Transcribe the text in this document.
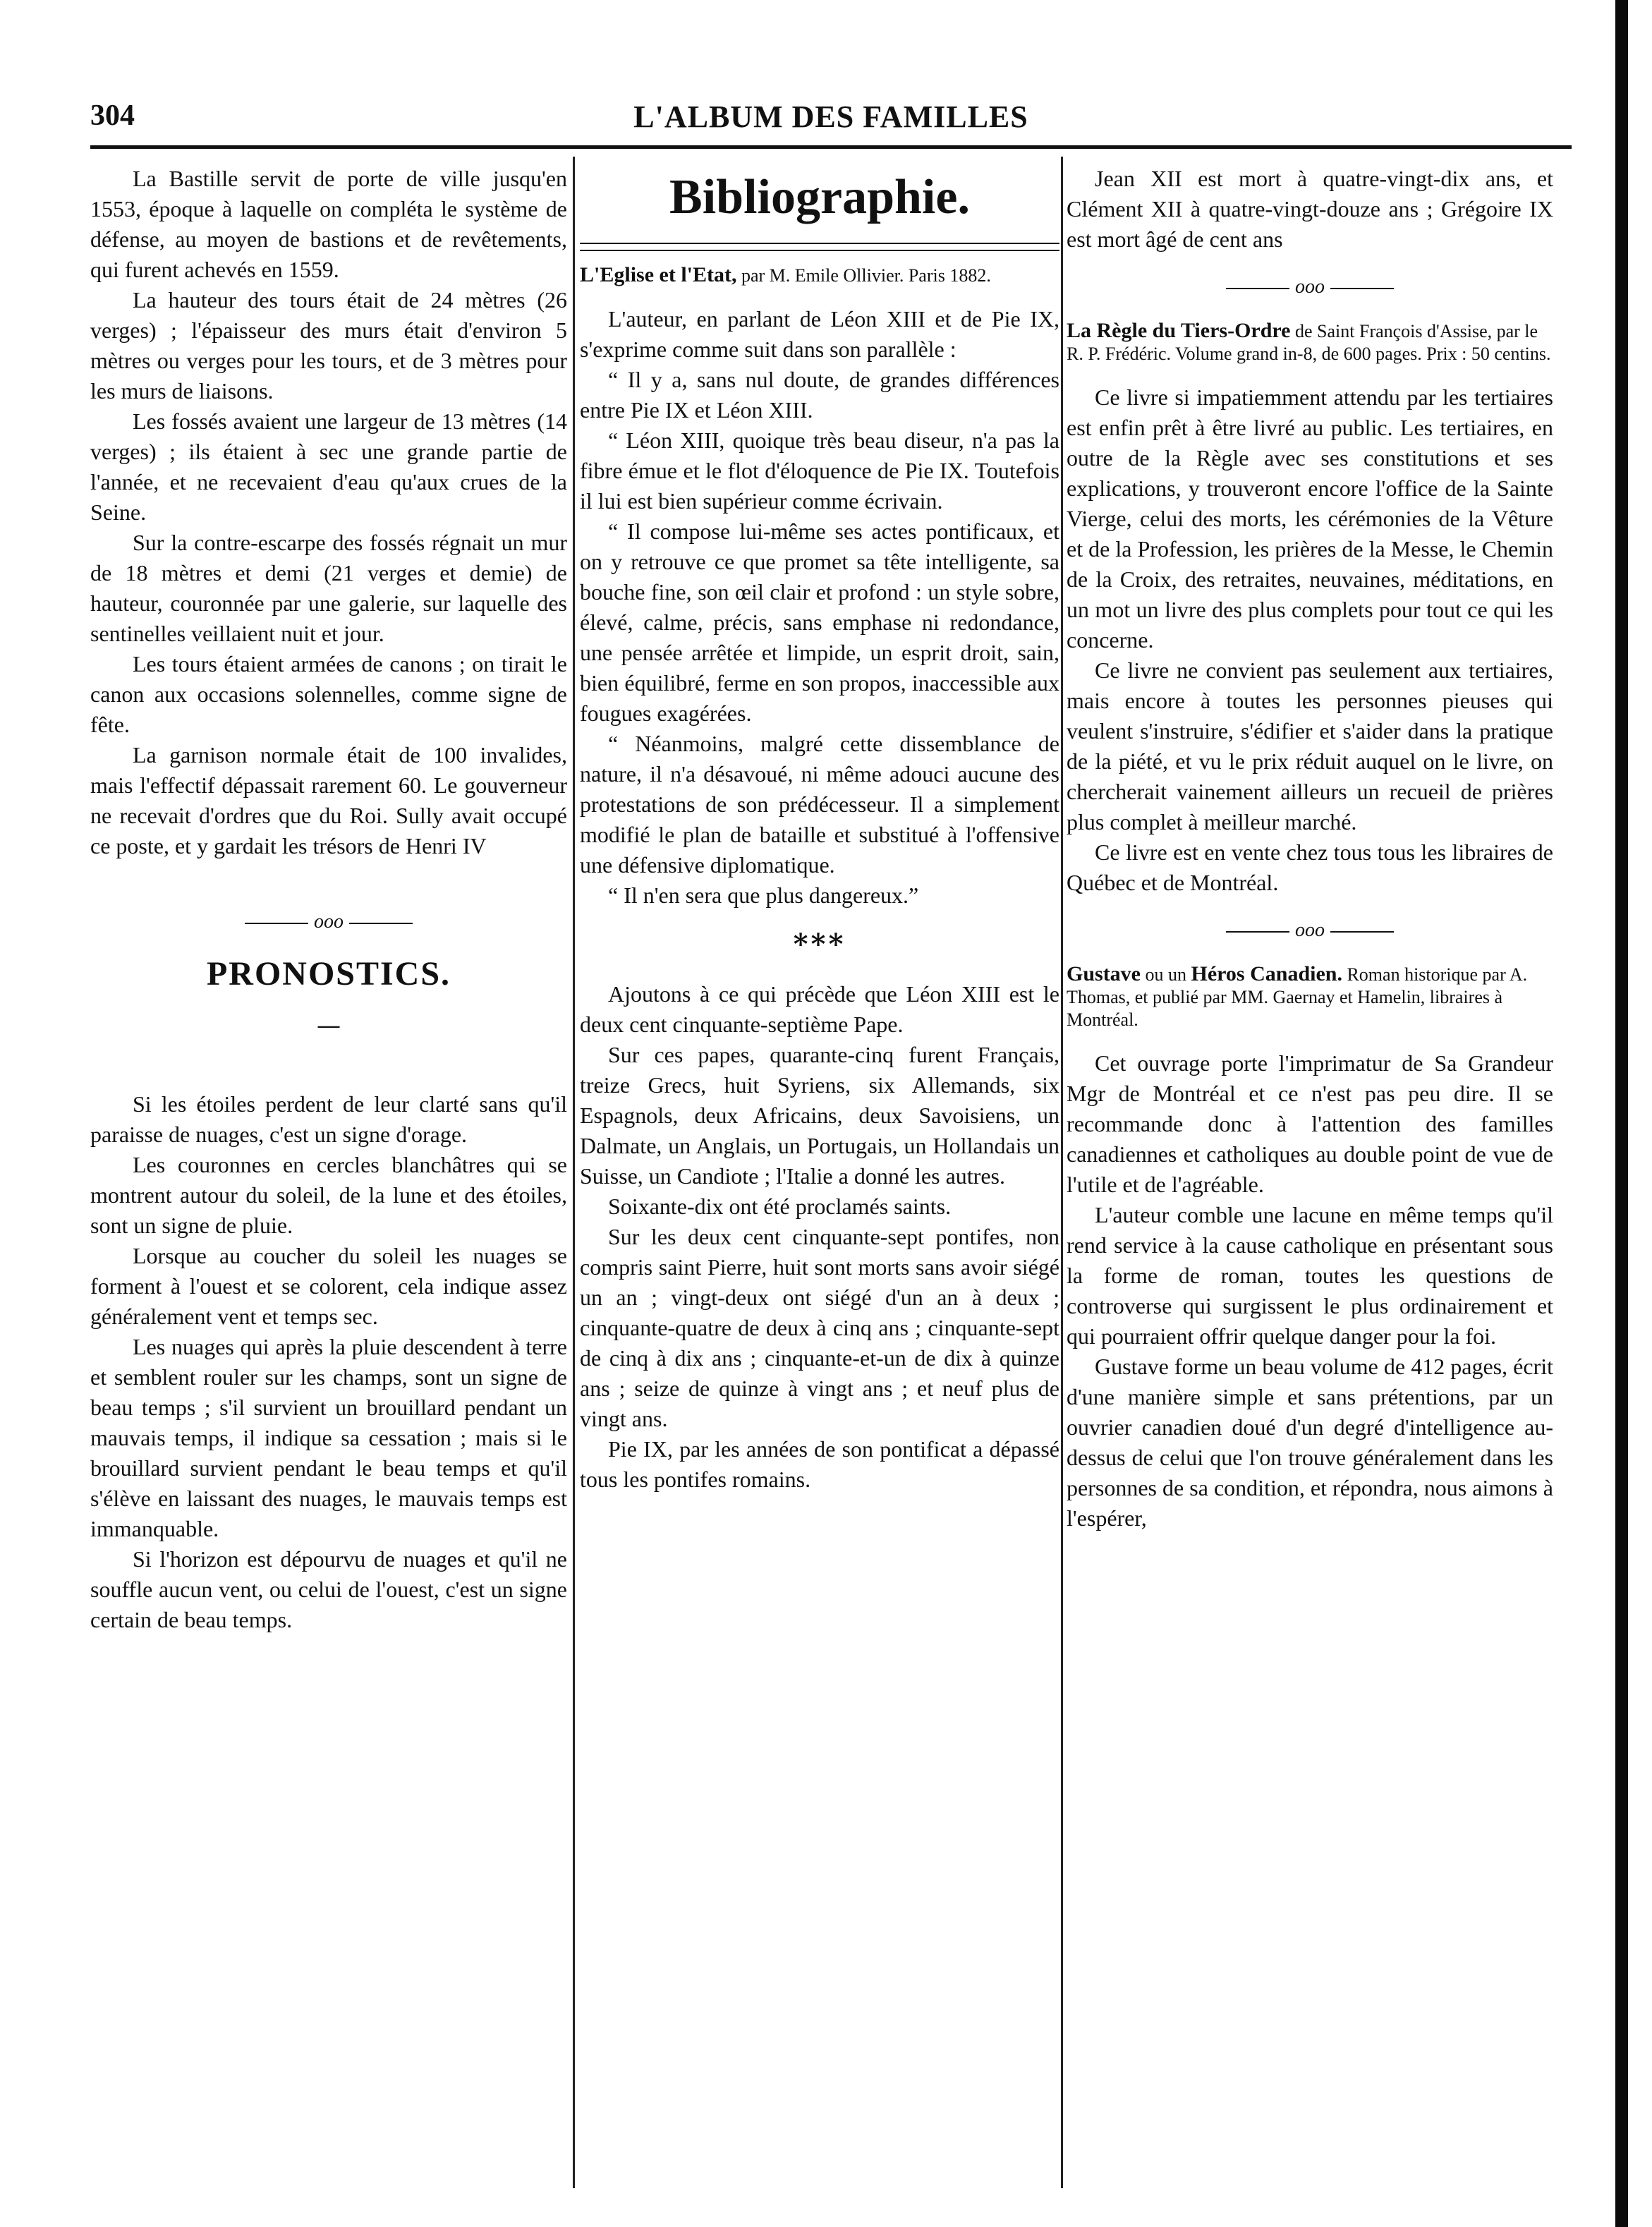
304	L'ALBUM DES FAMILLES

La Bastille servit de porte de ville jusqu'en 1553, époque à laquelle on compléta le système de défense, au moyen de bastions et de revêtements, qui furent achevés en 1559.

La hauteur des tours était de 24 mètres (26 verges) ; l'épaisseur des murs était d'environ 5 mètres ou verges pour les tours, et de 3 mètres pour les murs de liaisons.

Les fossés avaient une largeur de 13 mètres (14 verges) ; ils étaient à sec une grande partie de l'année, et ne recevaient d'eau qu'aux crues de la Seine.

Sur la contre-escarpe des fossés régnait un mur de 18 mètres et demi (21 verges et demie) de hauteur, couronnée par une galerie, sur laquelle des sentinelles veillaient nuit et jour.

Les tours étaient armées de canons ; on tirait le canon aux occasions solennelles, comme signe de fête.

La garnison normale était de 100 invalides, mais l'effectif dépassait rarement 60. Le gouverneur ne recevait d'ordres que du Roi. Sully avait occupé ce poste, et y gardait les trésors de Henri IV

ooo
PRONOSTICS.
—

Si les étoiles perdent de leur clarté sans qu'il paraisse de nuages, c'est un signe d'orage.

Les couronnes en cercles blanchâtres qui se montrent autour du soleil, de la lune et des étoiles, sont un signe de pluie.

Lorsque au coucher du soleil les nuages se forment à l'ouest et se colorent, cela indique assez généralement vent et temps sec.

Les nuages qui après la pluie descendent à terre et semblent rouler sur les champs, sont un signe de beau temps ; s'il survient un brouillard pendant un mauvais temps, il indique sa cessation ; mais si le brouillard survient pendant le beau temps et qu'il s'élève en laissant des nuages, le mauvais temps est immanquable.

Si l'horizon est dépourvu de nuages et qu'il ne souffle aucun vent, ou celui de l'ouest, c'est un signe certain de beau temps.

Bibliographie.
L'Eglise et l'Etat, par M. Emile Ollivier. Paris 1882.

L'auteur, en parlant de Léon XIII et de Pie IX, s'exprime comme suit dans son parallèle :

“ Il y a, sans nul doute, de grandes différences entre Pie IX et Léon XIII.

“ Léon XIII, quoique très beau diseur, n'a pas la fibre émue et le flot d'éloquence de Pie IX. Toutefois il lui est bien supérieur comme écrivain.

“ Il compose lui-même ses actes pontificaux, et on y retrouve ce que promet sa tête intelligente, sa bouche fine, son œil clair et profond : un style sobre, élevé, calme, précis, sans emphase ni redondance, une pensée arrêtée et limpide, un esprit droit, sain, bien équilibré, ferme en son propos, inaccessible aux fougues exagérées.

“ Néanmoins, malgré cette dissemblance de nature, il n'a désavoué, ni même adouci aucune des protestations de son prédécesseur. Il a simplement modifié le plan de bataille et substitué à l'offensive une défensive diplomatique.

“ Il n'en sera que plus dangereux.”

***

Ajoutons à ce qui précède que Léon XIII est le deux cent cinquante-septième Pape.

Sur ces papes, quarante-cinq furent Français, treize Grecs, huit Syriens, six Allemands, six Espagnols, deux Africains, deux Savoisiens, un Dalmate, un Anglais, un Portugais, un Hollandais un Suisse, un Candiote ; l'Italie a donné les autres.

Soixante-dix ont été proclamés saints.

Sur les deux cent cinquante-sept pontifes, non compris saint Pierre, huit sont morts sans avoir siégé un an ; vingt-deux ont siégé d'un an à deux ; cinquante-quatre de deux à cinq ans ; cinquante-sept de cinq à dix ans ; cinquante-et-un de dix à quinze ans ; seize de quinze à vingt ans ; et neuf plus de vingt ans.

Pie IX, par les années de son pontificat a dépassé tous les pontifes romains.

Jean XII est mort à quatre-vingt-dix ans, et Clément XII à quatre-vingt-douze ans ; Grégoire IX est mort âgé de cent ans

ooo
La Règle du Tiers-Ordre de Saint François d'Assise, par le R. P. Frédéric. Volume grand in-8, de 600 pages. Prix : 50 centins.

Ce livre si impatiemment attendu par les tertiaires est enfin prêt à être livré au public. Les tertiaires, en outre de la Règle avec ses constitutions et ses explications, y trouveront encore l'office de la Sainte Vierge, celui des morts, les cérémonies de la Vêture et de la Profession, les prières de la Messe, le Chemin de la Croix, des retraites, neuvaines, méditations, en un mot un livre des plus complets pour tout ce qui les concerne.

Ce livre ne convient pas seulement aux tertiaires, mais encore à toutes les personnes pieuses qui veulent s'instruire, s'édifier et s'aider dans la pratique de la piété, et vu le prix réduit auquel on le livre, on chercherait vainement ailleurs un recueil de prières plus complet à meilleur marché.

Ce livre est en vente chez tous tous les libraires de Québec et de Montréal.

ooo
Gustave ou un Héros Canadien. Roman historique par A. Thomas, et publié par MM. Gaernay et Hamelin, libraires à Montréal.

Cet ouvrage porte l'imprimatur de Sa Grandeur Mgr de Montréal et ce n'est pas peu dire. Il se recommande donc à l'attention des familles canadiennes et catholiques au double point de vue de l'utile et de l'agréable.

L'auteur comble une lacune en même temps qu'il rend service à la cause catholique en présentant sous la forme de roman, toutes les questions de controverse qui surgissent le plus ordinairement et qui pourraient offrir quelque danger pour la foi.

Gustave forme un beau volume de 412 pages, écrit d'une manière simple et sans prétentions, par un ouvrier canadien doué d'un degré d'intelligence au-dessus de celui que l'on trouve généralement dans les personnes de sa condition, et répondra, nous aimons à l'espérer,
